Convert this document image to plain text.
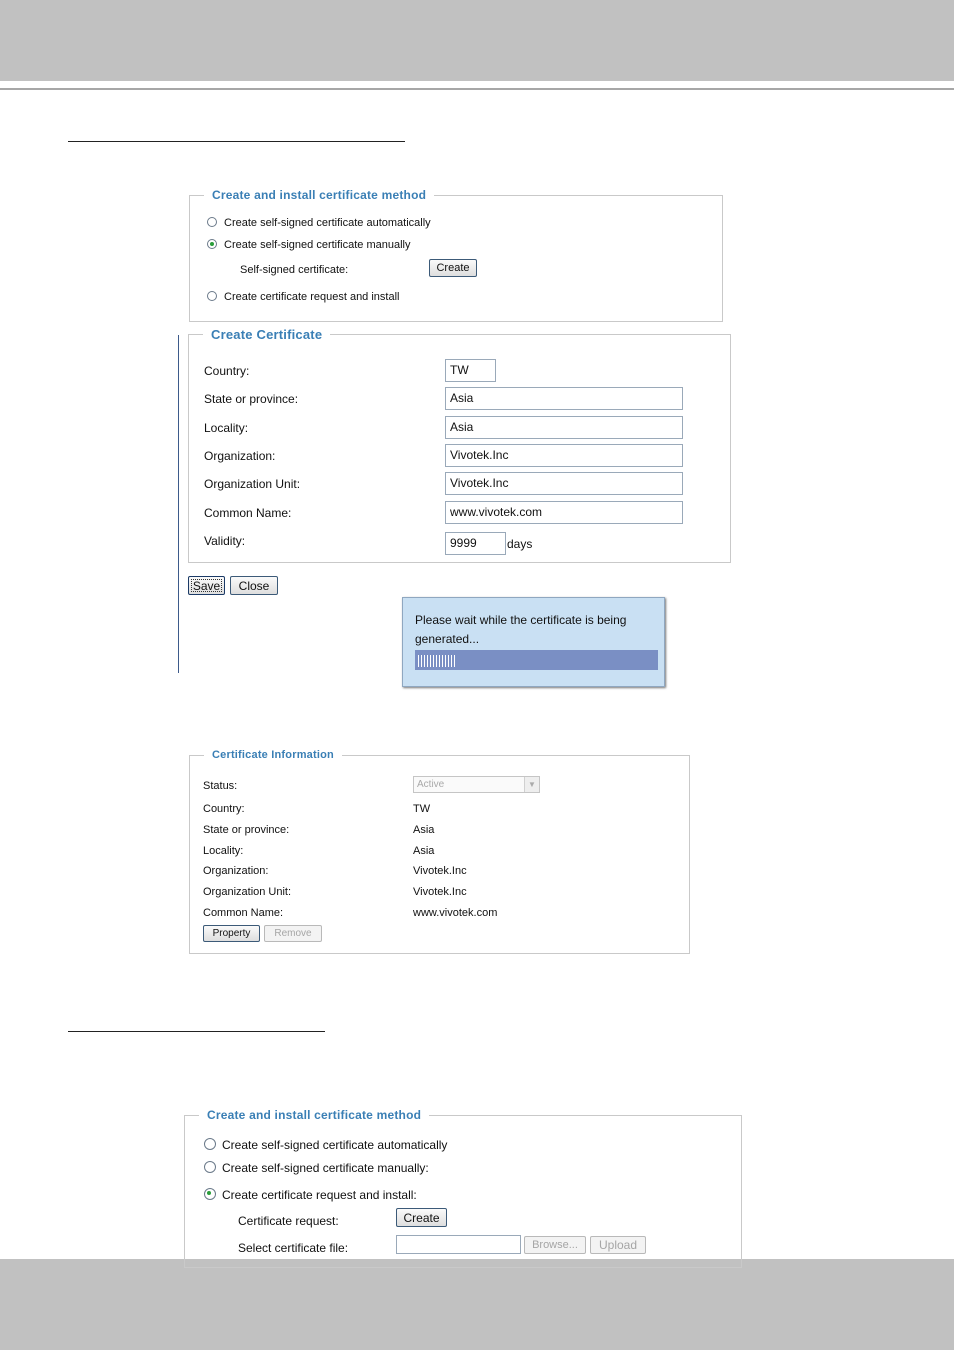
Create and install certificate method
Create self-signed certificate automatically
Create self-signed certificate manually
Self-signed certificate:	Create
Create certificate request and install
Create Certificate
Country:	TW
State or province:	Asia
Locality:	Asia
Organization:	Vivotek.Inc
Organization Unit:	Vivotek.Inc
Common Name:	www.vivotek.com
Validity:	9999	days
Save	Close
Please wait while the certificate is being
generated...
Certificate Information
Status:	Active	▼
Country:	TW
State or province:	Asia
Locality:	Asia
Organization:	Vivotek.Inc
Organization Unit:	Vivotek.Inc
Common Name:	www.vivotek.com
Property	Remove
Create and install certificate method
Create self-signed certificate automatically
Create self-signed certificate manually:
Create certificate request and install:
Certificate request:	Create
Select certificate file:	Browse...	Upload
